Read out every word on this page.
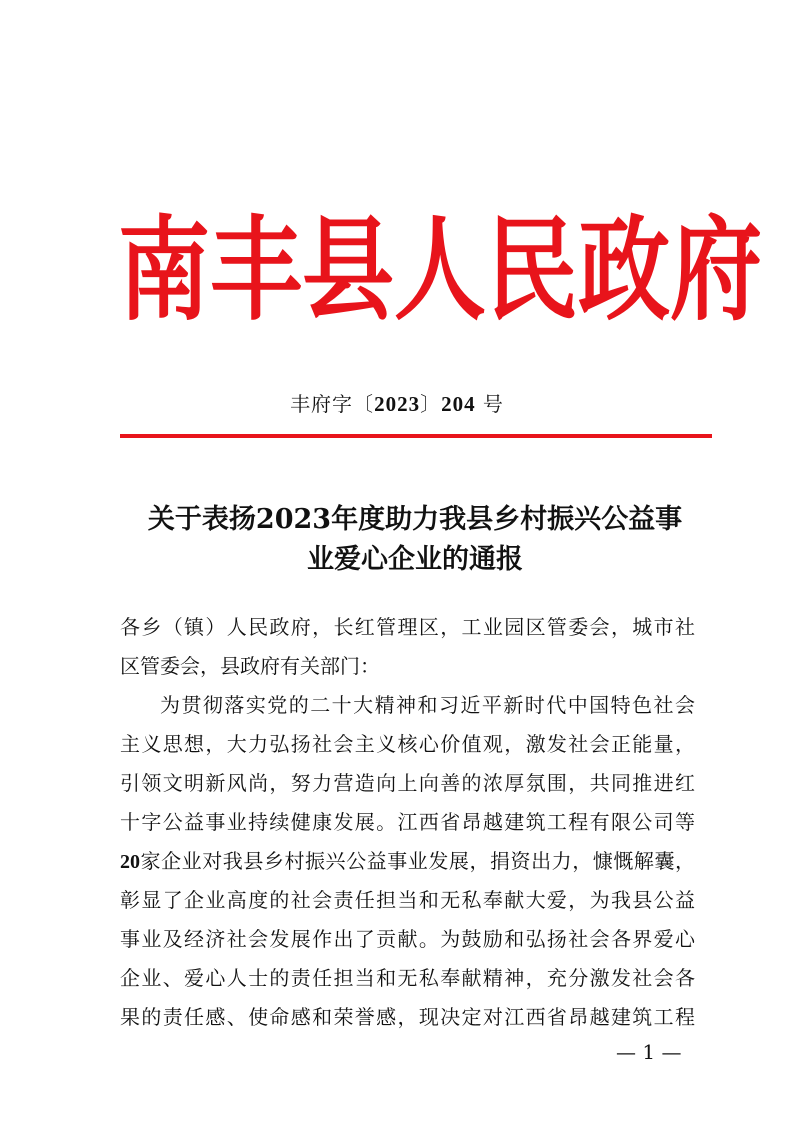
南 丰 县 人 民 政 府
丰府字〔2023〕204 号
关于表扬2023年度助力我县乡村振兴公益事
业爱心企业的通报
各乡（镇）人民政府，长红管理区，工业园区管委会，城市社
区管委会，县政府有关部门：
为贯彻落实党的二十大精神和习近平新时代中国特色社会
主义思想，大力弘扬社会主义核心价值观，激发社会正能量，
引领文明新风尚，努力营造向上向善的浓厚氛围，共同推进红
十字公益事业持续健康发展。江西省昂越建筑工程有限公司等
20家企业对我县乡村振兴公益事业发展，捐资出力，慷慨解囊，
彰显了企业高度的社会责任担当和无私奉献大爱，为我县公益
事业及经济社会发展作出了贡献。为鼓励和弘扬社会各界爱心
企业、爱心人士的责任担当和无私奉献精神，充分激发社会各
果的责任感、使命感和荣誉感，现决定对江西省昂越建筑工程
— 1 —
